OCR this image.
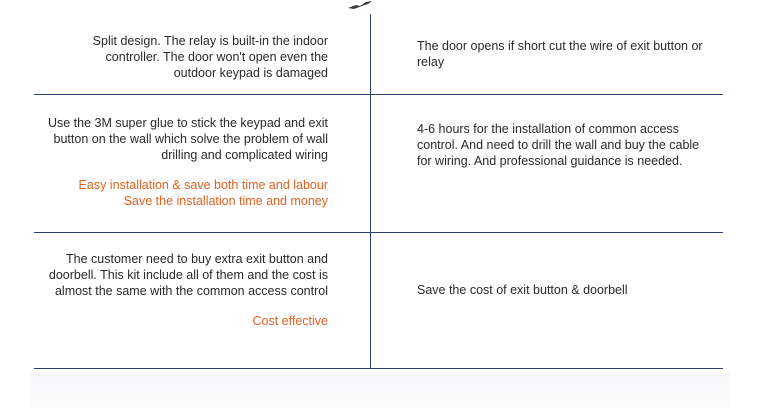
Split design. The relay is built-in the indoor controller. The door won't open even the outdoor keypad is damaged

The door opens if short cut the wire of exit button or relay

Use the 3M super glue to stick the keypad and exit button on the wall which solve the problem of wall drilling and complicated wiring

Easy installation & save both time and labour
Save the installation time and money

4-6 hours for the installation of common access control. And need to drill the wall and buy the cable for wiring. And professional guidance is needed.

The customer need to buy extra exit button and doorbell. This kit include all of them and the cost is almost the same with the common access control

Cost effective

Save the cost of exit button & doorbell
